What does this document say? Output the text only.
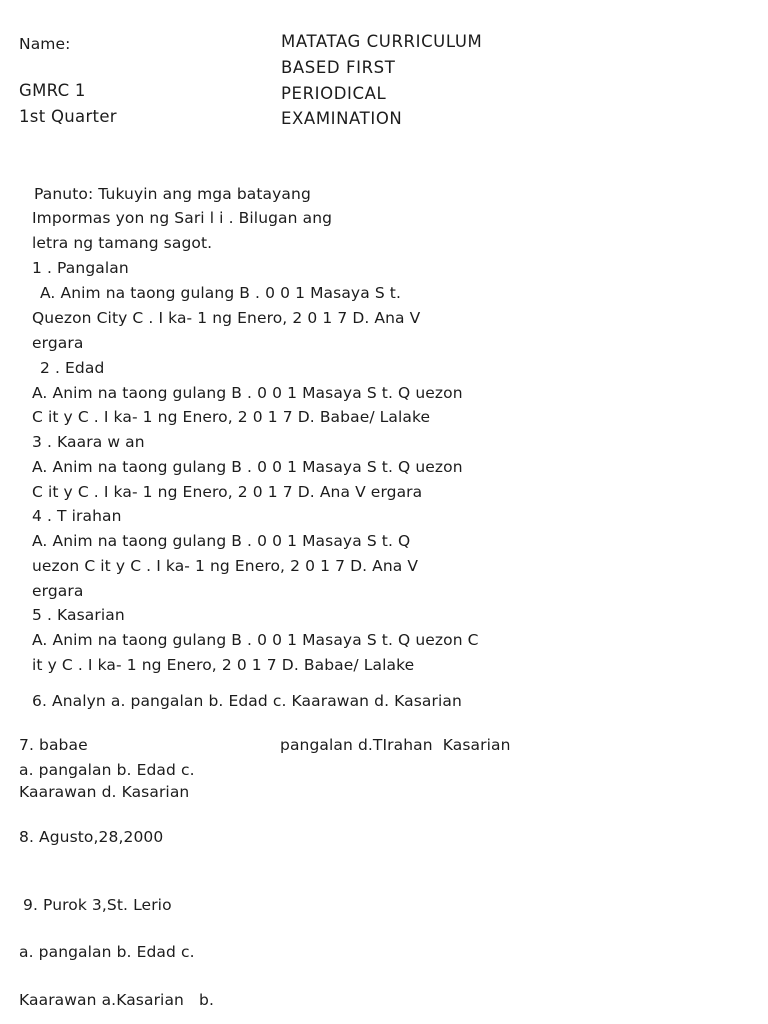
Name:
GMRC 1
1st Quarter
MATATAG CURRICULUM
BASED FIRST
PERIODICAL
EXAMINATION
Panuto: Tukuyin ang mga batayang
Impormas yon ng Sari l i . Bilugan ang
letra ng tamang sagot.
1 . Pangalan
A. Anim na taong gulang B . 0 0 1 Masaya S t.
Quezon City C . I ka- 1 ng Enero, 2 0 1 7 D. Ana V
ergara
2 . Edad
A. Anim na taong gulang B . 0 0 1 Masaya S t. Q uezon
C it y C . I ka- 1 ng Enero, 2 0 1 7 D. Babae/ Lalake
3 . Kaara w an
A. Anim na taong gulang B . 0 0 1 Masaya S t. Q uezon
C it y C . I ka- 1 ng Enero, 2 0 1 7 D. Ana V ergara
4 . T irahan
A. Anim na taong gulang B . 0 0 1 Masaya S t. Q
uezon C it y C . I ka- 1 ng Enero, 2 0 1 7 D. Ana V
ergara
5 . Kasarian
A. Anim na taong gulang B . 0 0 1 Masaya S t. Q uezon C
it y C . I ka- 1 ng Enero, 2 0 1 7 D. Babae/ Lalake
6. Analyn a. pangalan b. Edad c. Kaarawan d. Kasarian
7. babae	pangalan d.TIrahan  Kasarian
a. pangalan b. Edad c.
Kaarawan d. Kasarian
8. Agusto,28,2000
9. Purok 3,St. Lerio
a. pangalan b. Edad c.
Kaarawan a.Kasarian   b.
